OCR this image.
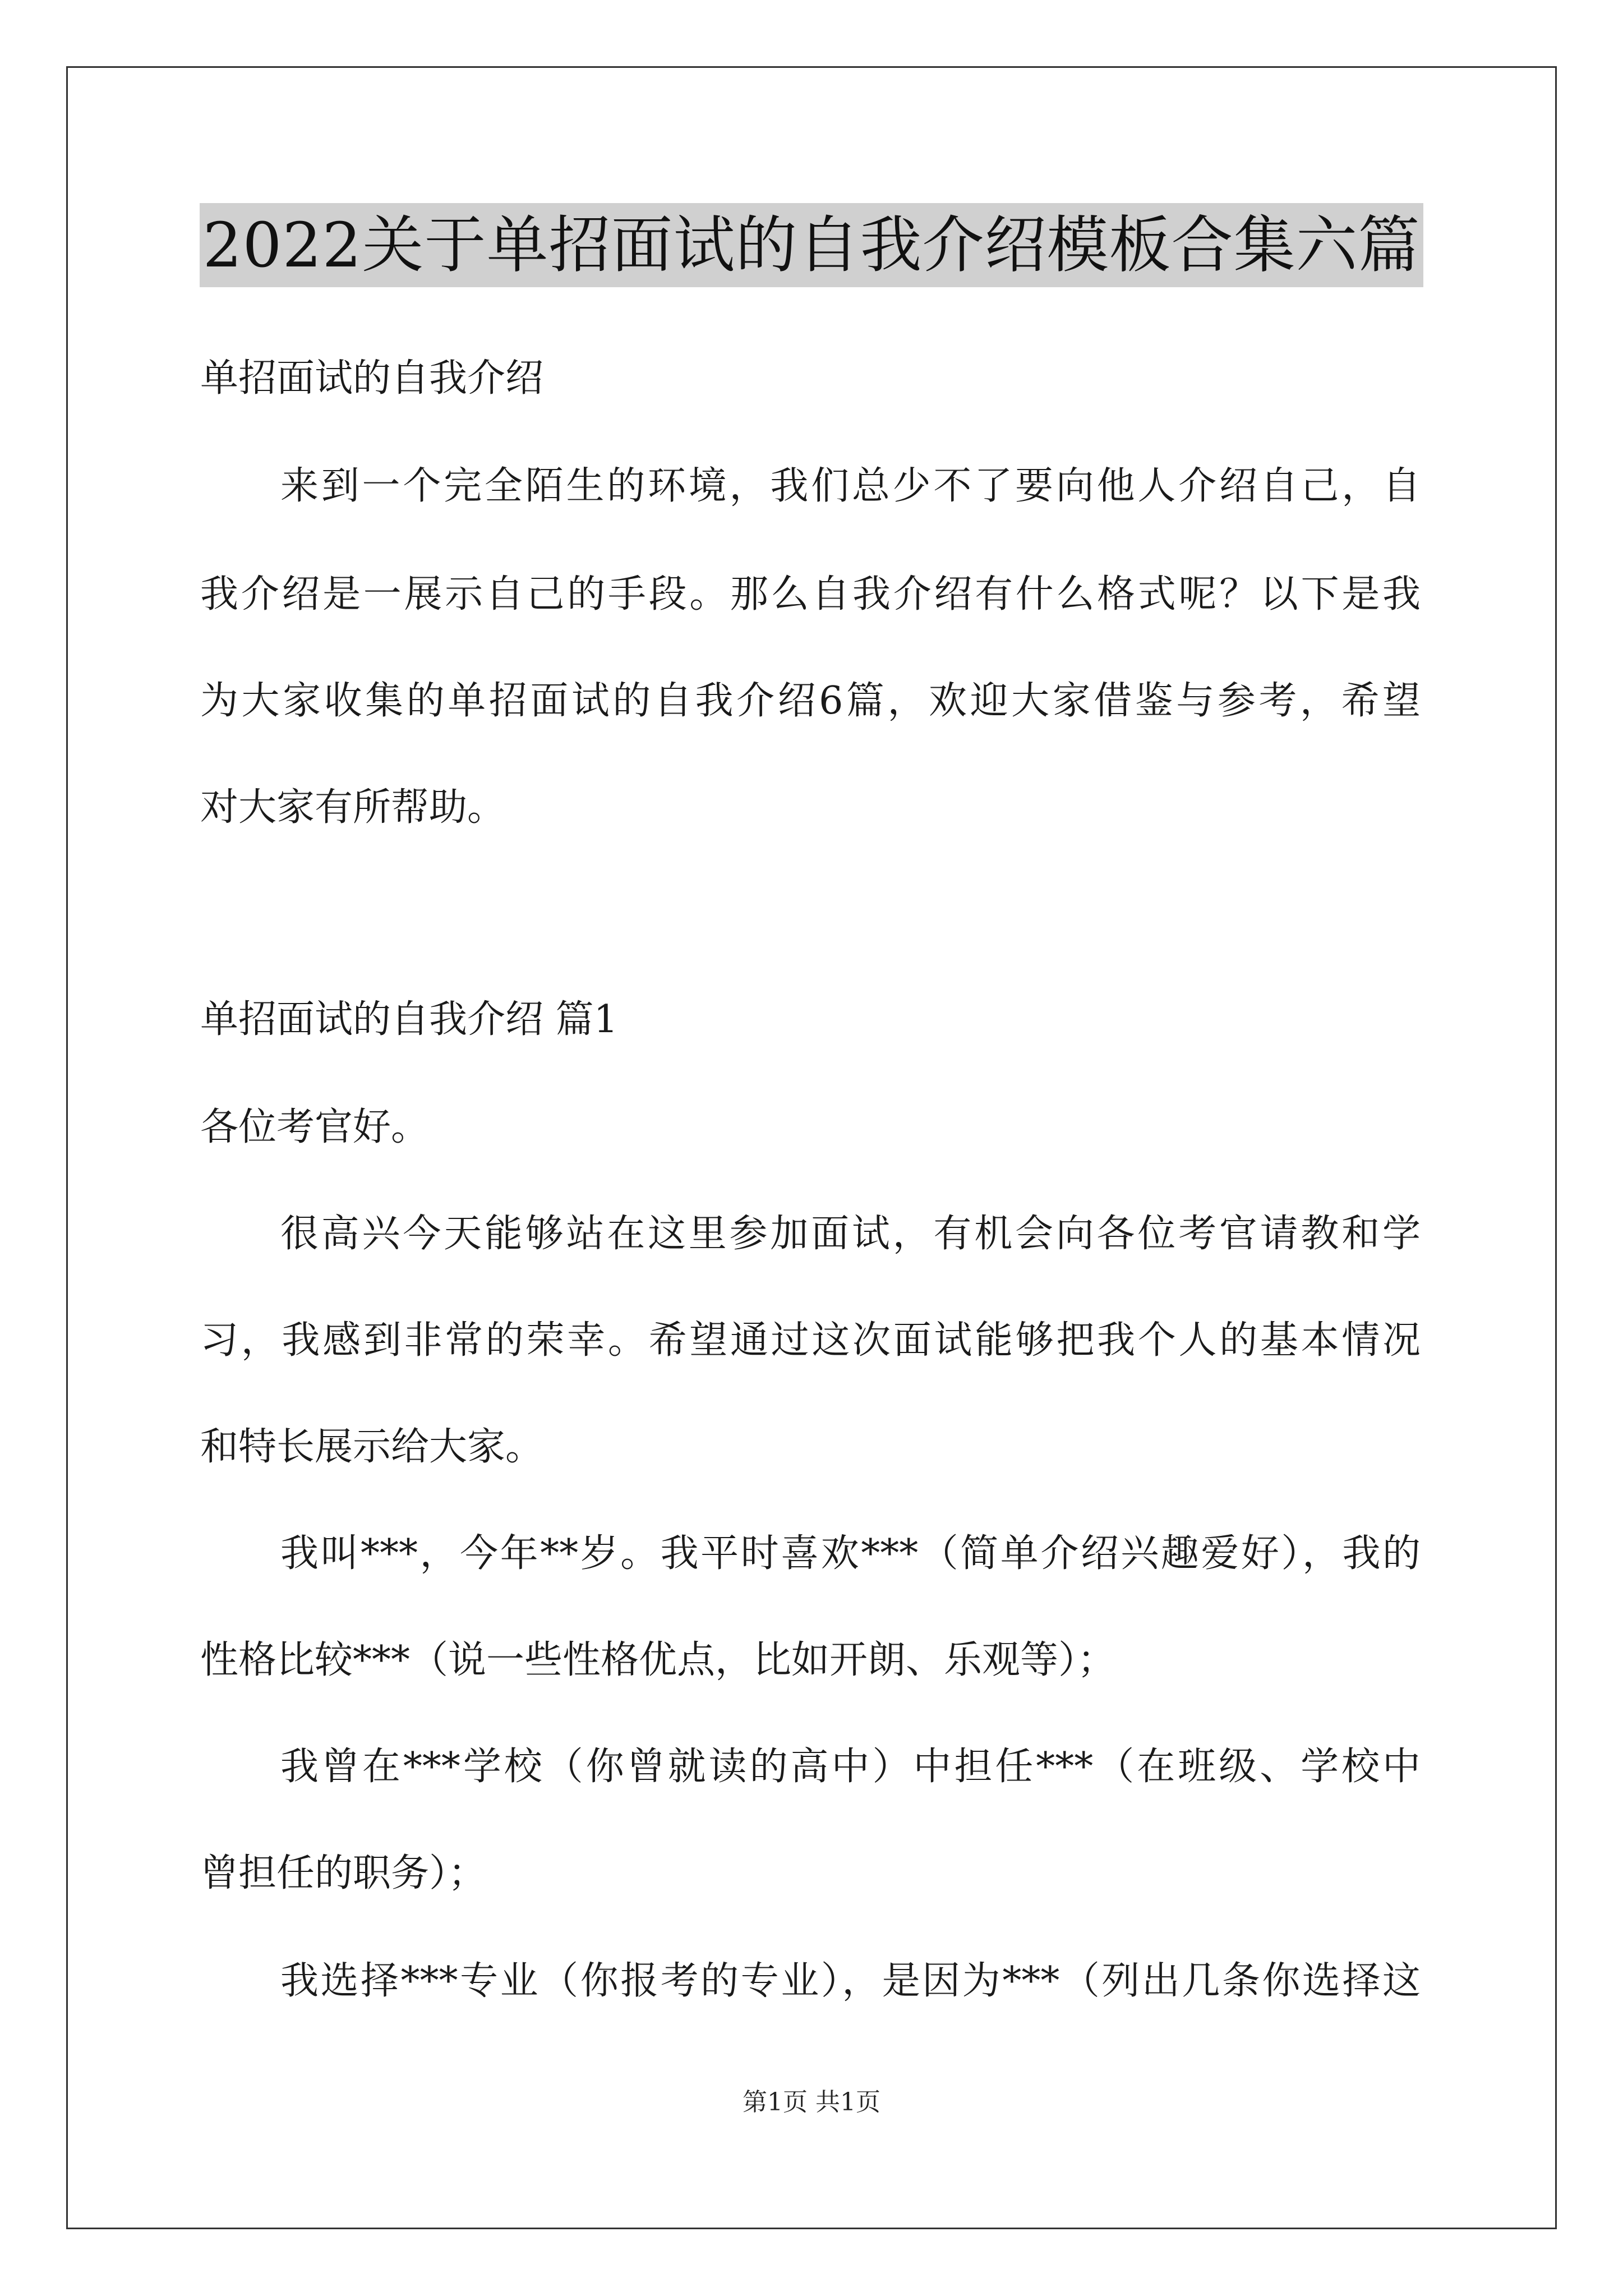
2022关于单招面试的自我介绍模板合集六篇
单招面试的自我介绍
来到一个完全陌生的环境，我们总少不了要向他人介绍自己，自
我介绍是一展示自己的手段。那么自我介绍有什么格式呢？以下是我
为大家收集的单招面试的自我介绍6篇，欢迎大家借鉴与参考，希望
对大家有所帮助。
单招面试的自我介绍 篇1
各位考官好。
很高兴今天能够站在这里参加面试，有机会向各位考官请教和学
习，我感到非常的荣幸。希望通过这次面试能够把我个人的基本情况
和特长展示给大家。
我叫***，今年**岁。我平时喜欢***（简单介绍兴趣爱好），我的
性格比较***（说一些性格优点，比如开朗、乐观等）；
我曾在***学校（你曾就读的高中）中担任***（在班级、学校中
曾担任的职务）；
我选择***专业（你报考的专业），是因为***（列出几条你选择这
第1页 共1页
